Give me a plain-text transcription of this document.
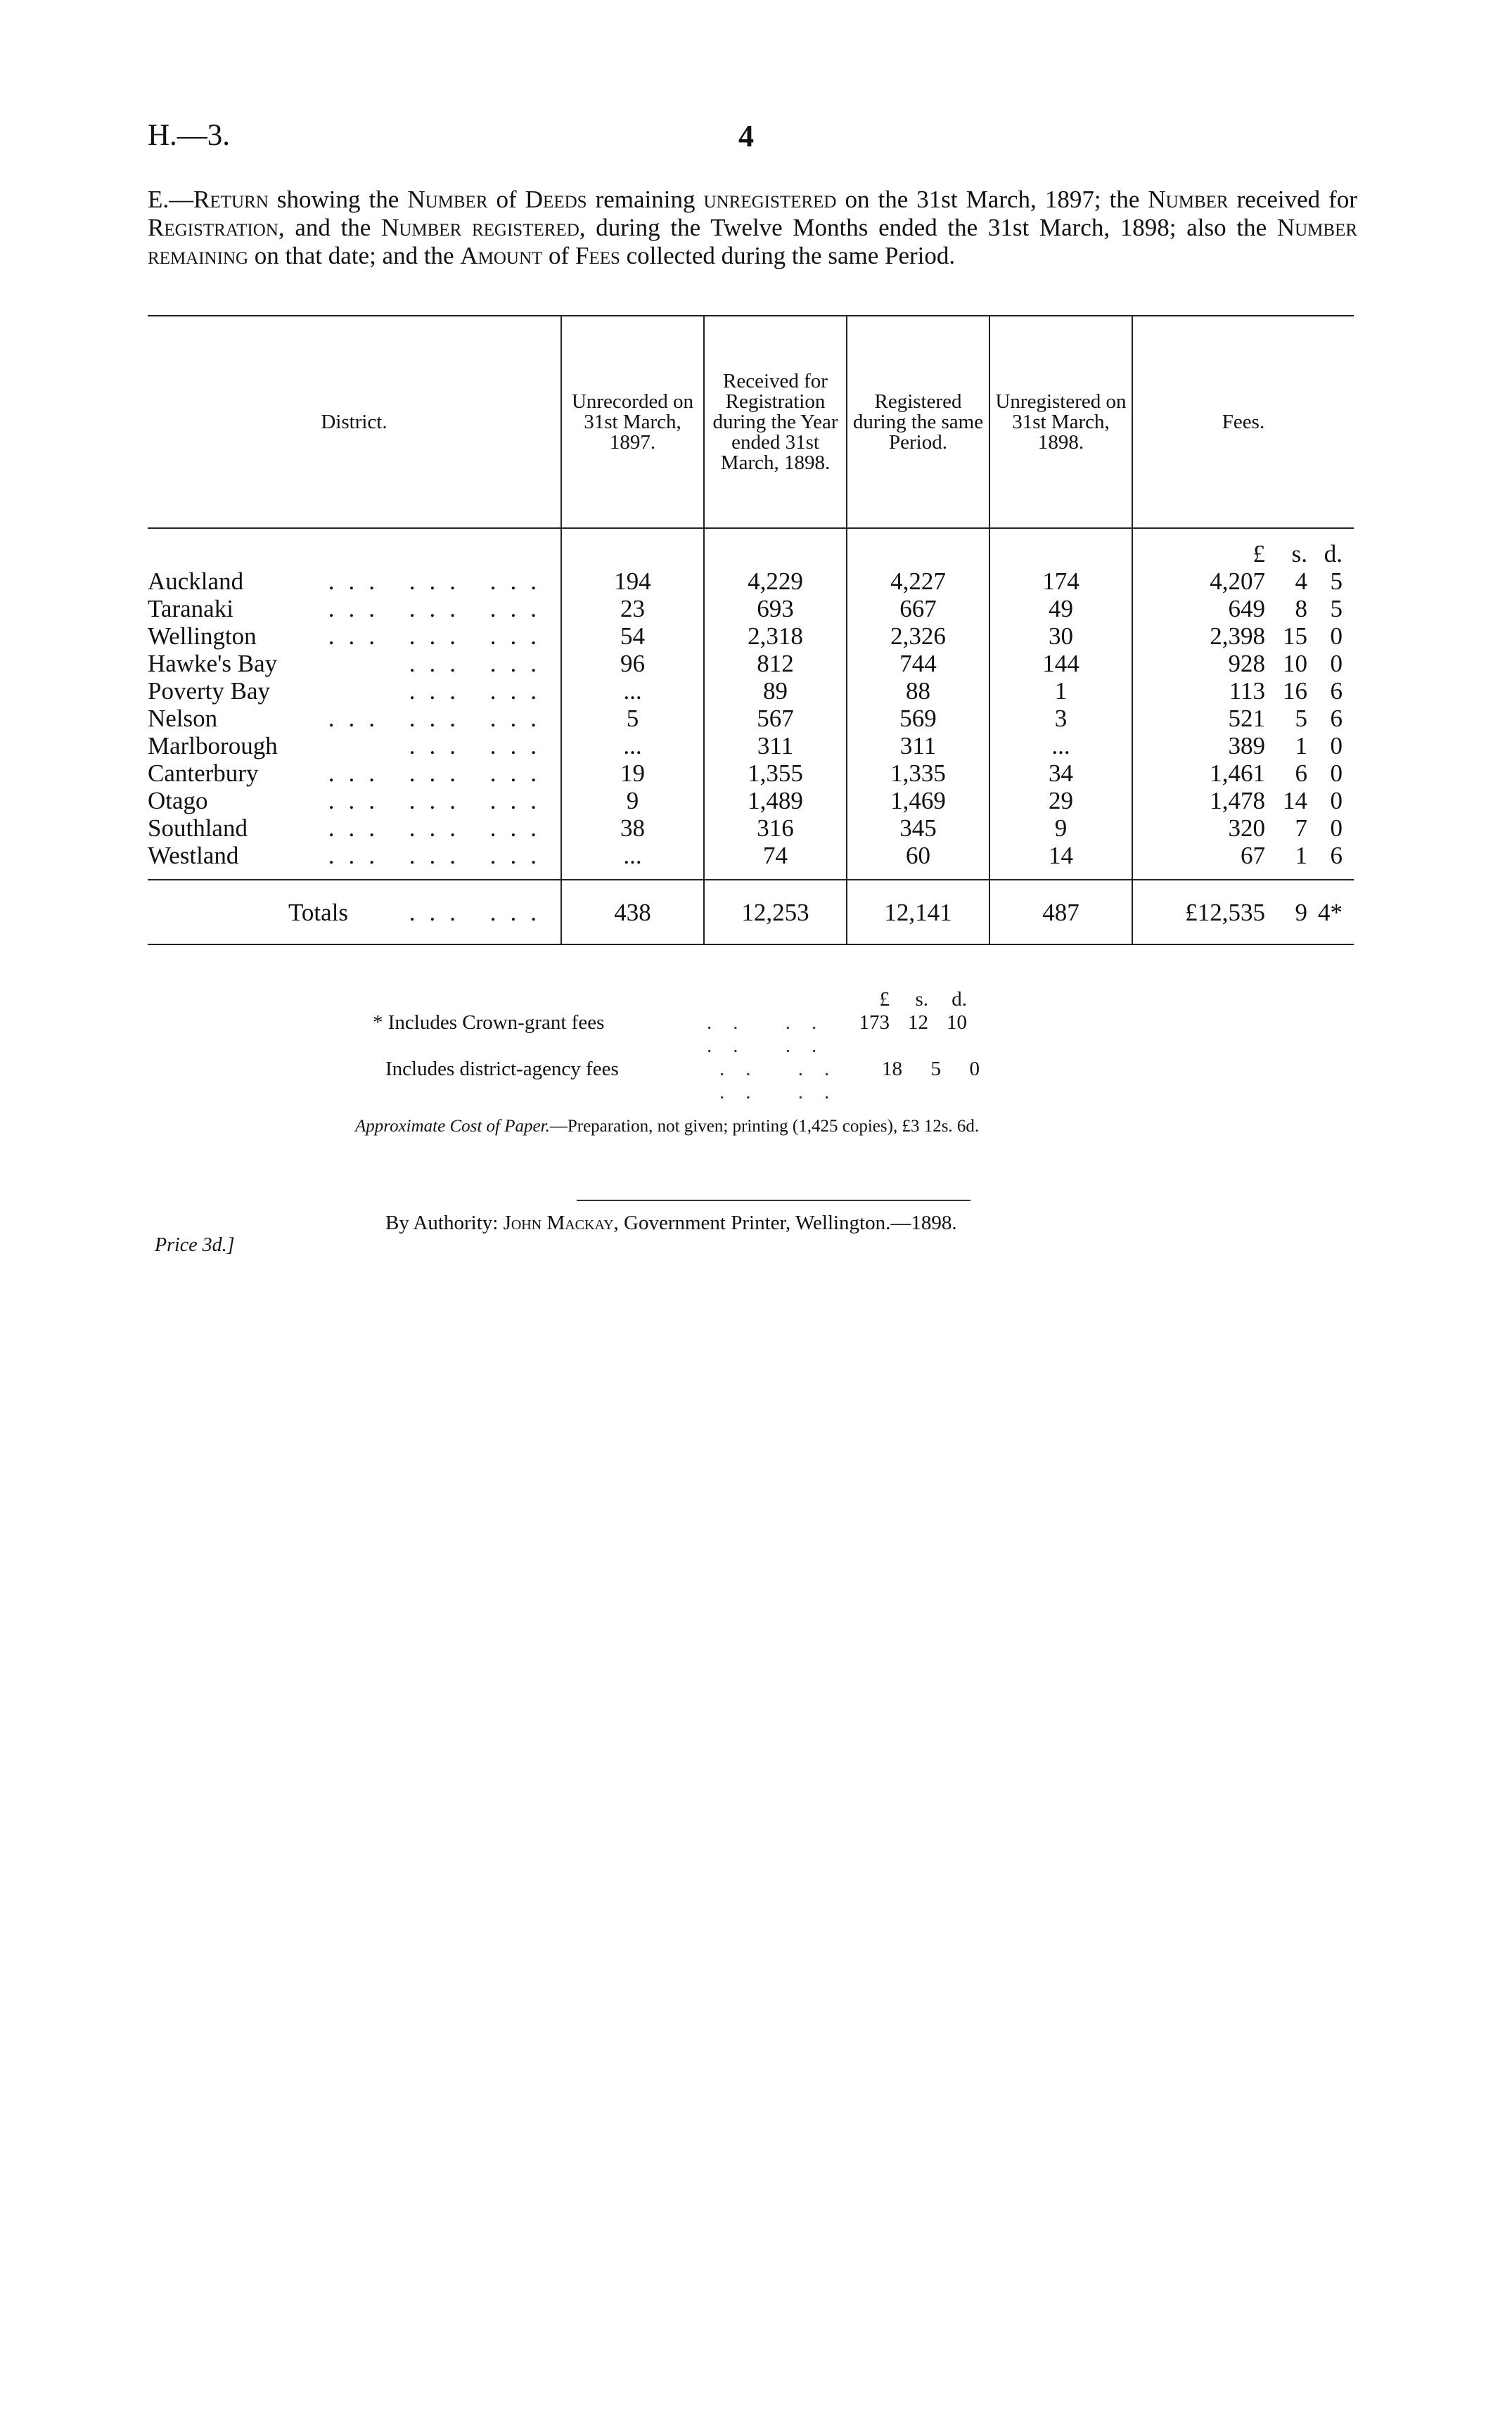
H.—3.	4
E.—Return showing the Number of Deeds remaining unregistered on the 31st March, 1897; the Number received for Registration, and the Number registered, during the Twelve Months ended the 31st March, 1898; also the Number remaining on that date; and the Amount of Fees collected during the same Period.
District.	Unrecorded on 31st March, 1897.	Received for Registration during the Year ended 31st March, 1898.	Registered during the same Period.	Unregistered on 31st March, 1898.	Fees.

					£ s. d.

Auckland ... ... ...	194	4,229	4,227	174	4,207 4 5

Taranaki ... ... ...	23	693	667	49	649 8 5

Wellington ... ... ...	54	2,318	2,326	30	2,398 15 0

Hawke's Bay ... ...	96	812	744	144	928 10 0

Poverty Bay ... ...	...	89	88	1	113 16 6

Nelson ... ... ...	5	567	569	3	521 5 6

Marlborough ... ...	...	311	311	...	389 1 0

Canterbury ... ... ...	19	1,355	1,335	34	1,461 6 0

Otago ... ... ...	9	1,489	1,469	29	1,478 14 0

Southland ... ... ...	38	316	345	9	320 7 0

Westland ... ... ...	...	74	60	14	67 1 6

Totals ... ...	438	12,253	12,141	487	£12,535 9 4*
£	s.	d.
* Includes Crown-grant fees	.. .. .. ..
173 12 10
Includes district-agency fees	.. .. .. ..
18	5	0
Approximate Cost of Paper.—Preparation, not given; printing (1,425 copies), £3 12s. 6d.
Price 3d.]
By Authority: John Mackay, Government Printer, Wellington.—1898.
